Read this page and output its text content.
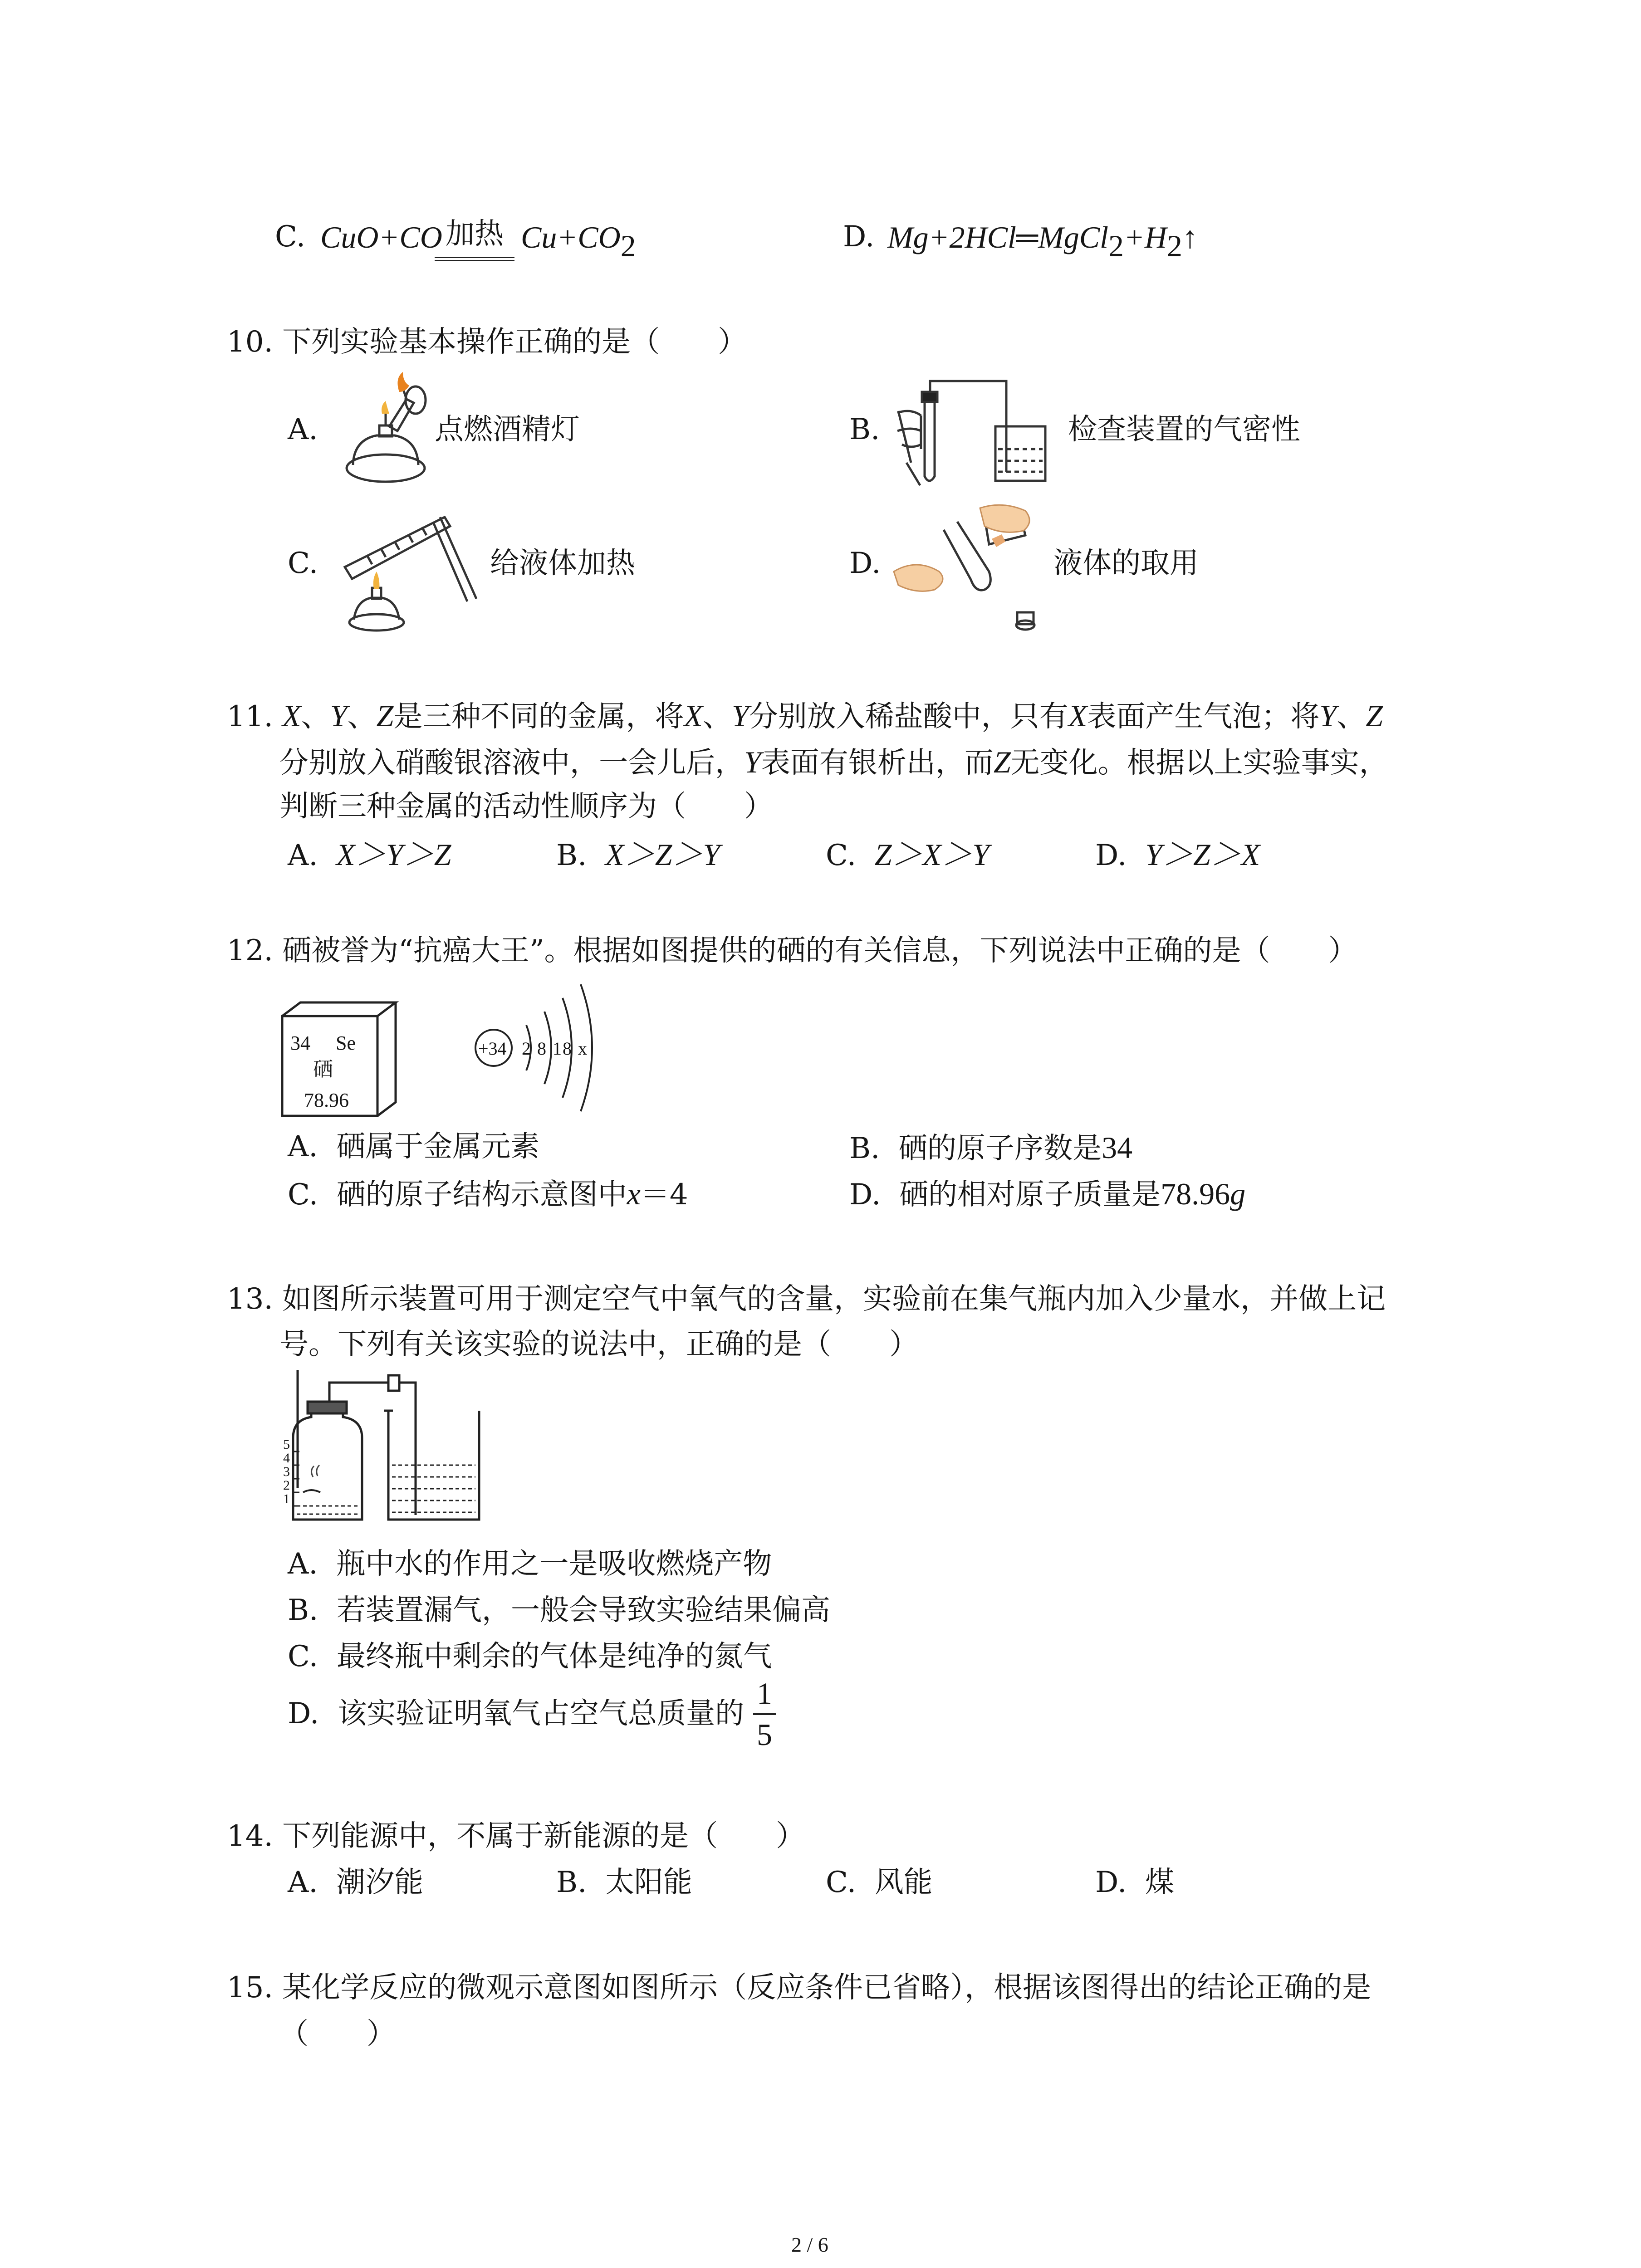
C. CuO+CO 加热 $Cu+CO_2$	D. $Mg+2HCl═MgCl_2+H_2↑$
10. 下列实验基本操作正确的是（　　）
A.	点燃酒精灯	B.	检查装置的气密性
C.	给液体加热	D.	液体的取用
11. X、Y、Z是三种不同的金属，将X、Y分别放入稀盐酸中，只有X表面产生气泡；将Y、Z
分别放入硝酸银溶液中，一会儿后，Y表面有银析出，而Z无变化。根据以上实验事实，
判断三种金属的活动性顺序为（　　）
A. X＞Y＞Z	B. X＞Z＞Y	C. Z＞X＞Y	D. Y＞Z＞X
12. 硒被誉为“抗癌大王”。根据如图提供的硒的有关信息，下列说法中正确的是（　　）
34 Se
硒
78.96
+34 2 8 18 x
A. 硒属于金属元素	B. 硒的原子序数是34
C. 硒的原子结构示意图中x＝4	D. 硒的相对原子质量是78.96g
13. 如图所示装置可用于测定空气中氧气的含量，实验前在集气瓶内加入少量水，并做上记
号。下列有关该实验的说法中，正确的是（　　）
5
4
3
2
1
A. 瓶中水的作用之一是吸收燃烧产物
B. 若装置漏气，一般会导致实验结果偏高
C. 最终瓶中剩余的气体是纯净的氮气
D. 该实验证明氧气占空气总质量的
1
5
14. 下列能源中，不属于新能源的是（　　）
A. 潮汐能	B. 太阳能	C. 风能	D. 煤
15. 某化学反应的微观示意图如图所示（反应条件已省略），根据该图得出的结论正确的是
（　　）
2 / 6
